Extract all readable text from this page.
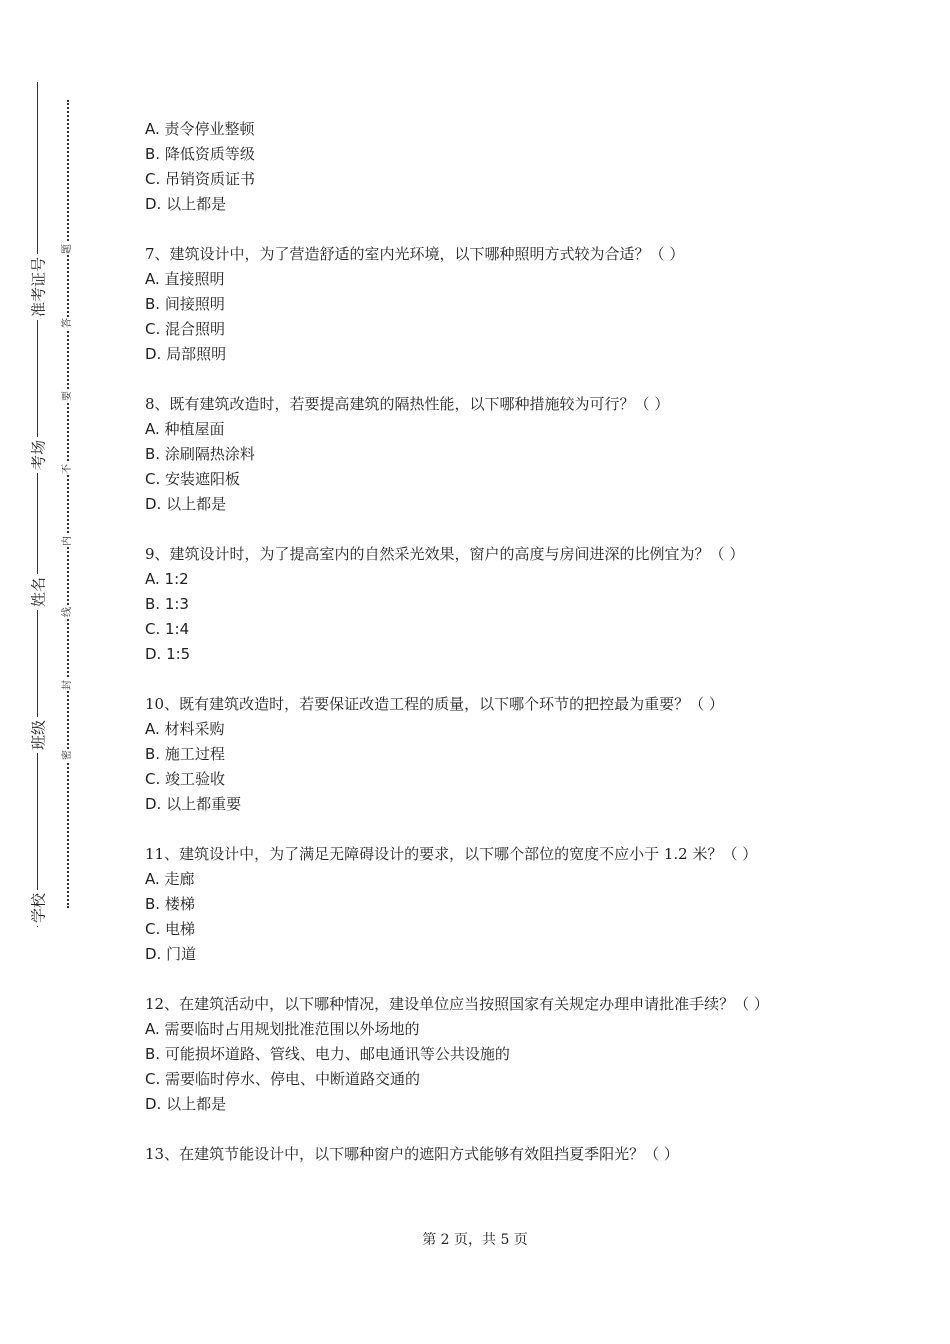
准考证号
考场
姓名
班级
学校
题
答
要
不
内
线
封
密
A. 责令停业整顿
B. 降低资质等级
C. 吊销资质证书
D. 以上都是
7、建筑设计中，为了营造舒适的室内光环境，以下哪种照明方式较为合适？（ ）
A. 直接照明
B. 间接照明
C. 混合照明
D. 局部照明
8、既有建筑改造时，若要提高建筑的隔热性能，以下哪种措施较为可行？（ ）
A. 种植屋面
B. 涂刷隔热涂料
C. 安装遮阳板
D. 以上都是
9、建筑设计时，为了提高室内的自然采光效果，窗户的高度与房间进深的比例宜为？（ ）
A. 1:2
B. 1:3
C. 1:4
D. 1:5
10、既有建筑改造时，若要保证改造工程的质量，以下哪个环节的把控最为重要？（ ）
A. 材料采购
B. 施工过程
C. 竣工验收
D. 以上都重要
11、建筑设计中，为了满足无障碍设计的要求，以下哪个部位的宽度不应小于 1.2 米？（ ）
A. 走廊
B. 楼梯
C. 电梯
D. 门道
12、在建筑活动中，以下哪种情况，建设单位应当按照国家有关规定办理申请批准手续？（ ）
A. 需要临时占用规划批准范围以外场地的
B. 可能损坏道路、管线、电力、邮电通讯等公共设施的
C. 需要临时停水、停电、中断道路交通的
D. 以上都是
13、在建筑节能设计中，以下哪种窗户的遮阳方式能够有效阻挡夏季阳光？（ ）
第 2 页，共 5 页
